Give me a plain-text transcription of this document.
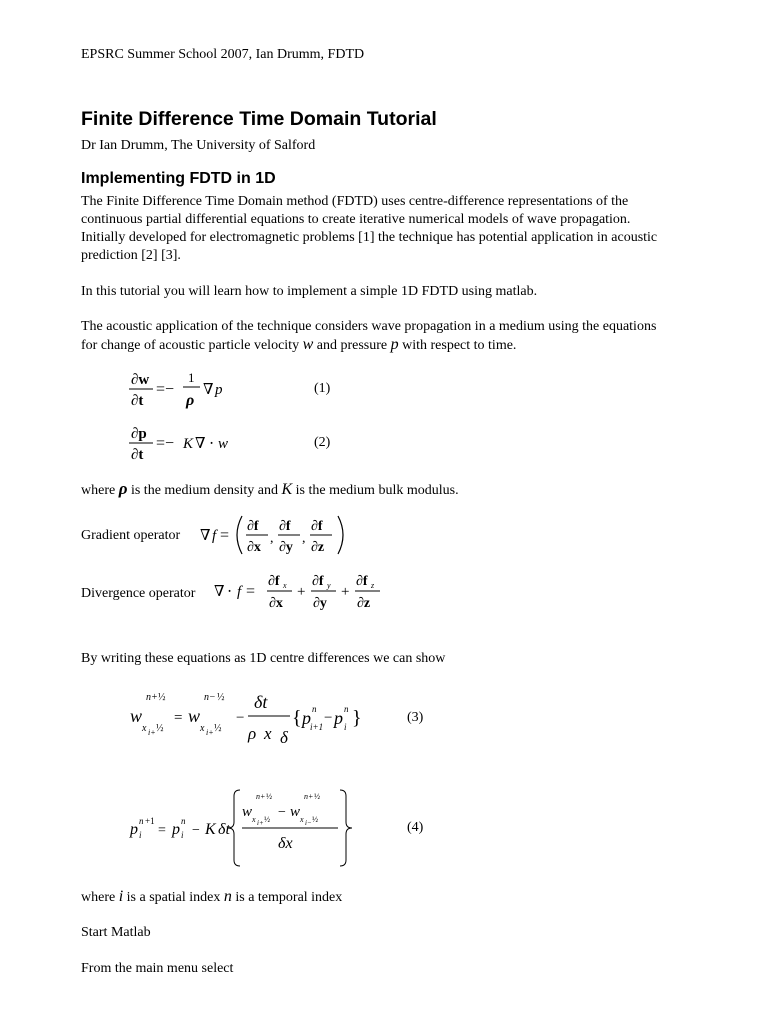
EPSRC Summer School 2007, Ian Drumm, FDTD
Finite Difference Time Domain Tutorial
Dr Ian Drumm, The University of Salford
Implementing FDTD in 1D
The Finite Difference Time Domain method (FDTD) uses centre-difference representations of the
continuous partial differential equations to create iterative numerical models of wave propagation.
Initially developed for electromagnetic problems [1] the technique has potential application in acoustic
prediction [2] [3].
In this tutorial you will learn how to implement a simple 1D FDTD using matlab.
The acoustic application of the technique considers wave propagation in a medium using the equations
for change of acoustic particle velocity w and pressure p with respect to time.
∂w
∂t
=−
1
ρ
∇ p	(1)
∂p
∂t
=− K ∇ ⋅ w	(2)
where ρ is the medium density and K is the medium bulk modulus.
Gradient operator ∇ f =
∂f
∂x
,
∂f
∂y
,
∂f
∂z
Divergence operator ∇ ⋅ f =
∂f x
∂x
+
∂f y
∂y
+
∂f z
∂z
By writing these equations as 1D centre differences we can show
w
n+ ½
x i+ ½
= w
n− ½
x i+ ½
−
δt
ρ x δ
{ p n
i+1
− p n
i }	(3)
p n +1
i = p n
i − K δt
w
n+ ½
x i+ ½ − w
n+ ½
x i− ½
δx
(4)
where i is a spatial index n is a temporal index
Start Matlab
From the main menu select
